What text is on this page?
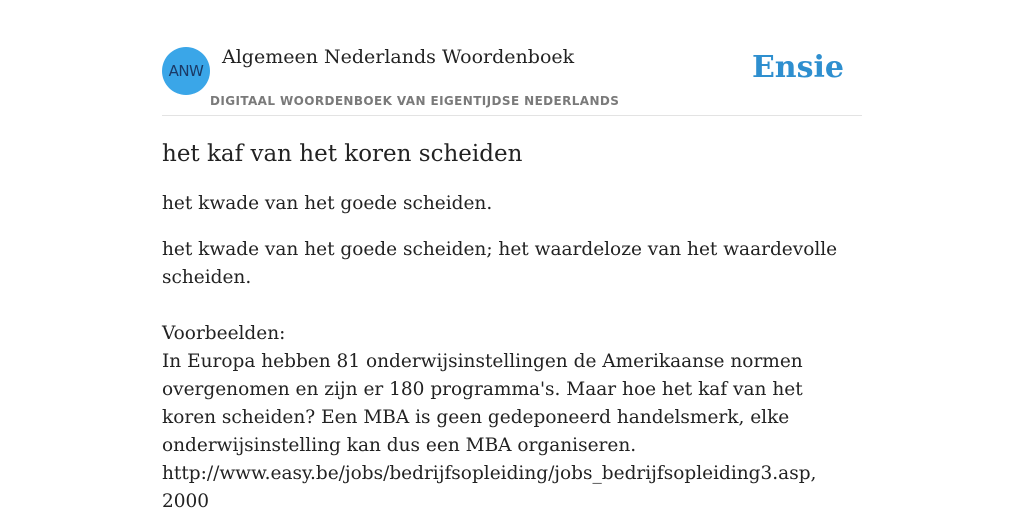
ANW
Algemeen Nederlands Woordenboek
DIGITAAL WOORDENBOEK VAN EIGENTIJDSE NEDERLANDS
Ensie
het kaf van het koren scheiden

het kwade van het goede scheiden.

het kwade van het goede scheiden; het waardeloze van het waardevolle scheiden.

Voorbeelden:
In Europa hebben 81 onderwijsinstellingen de Amerikaanse normen overgenomen en zijn er 180 programma's. Maar hoe het kaf van het koren scheiden? Een MBA is geen gedeponeerd handelsmerk, elke onderwijsinstelling kan dus een MBA organiseren.
http://www.easy.be/jobs/bedrijfsopleiding/jobs_bedrijfsopleiding3.asp, 2000
